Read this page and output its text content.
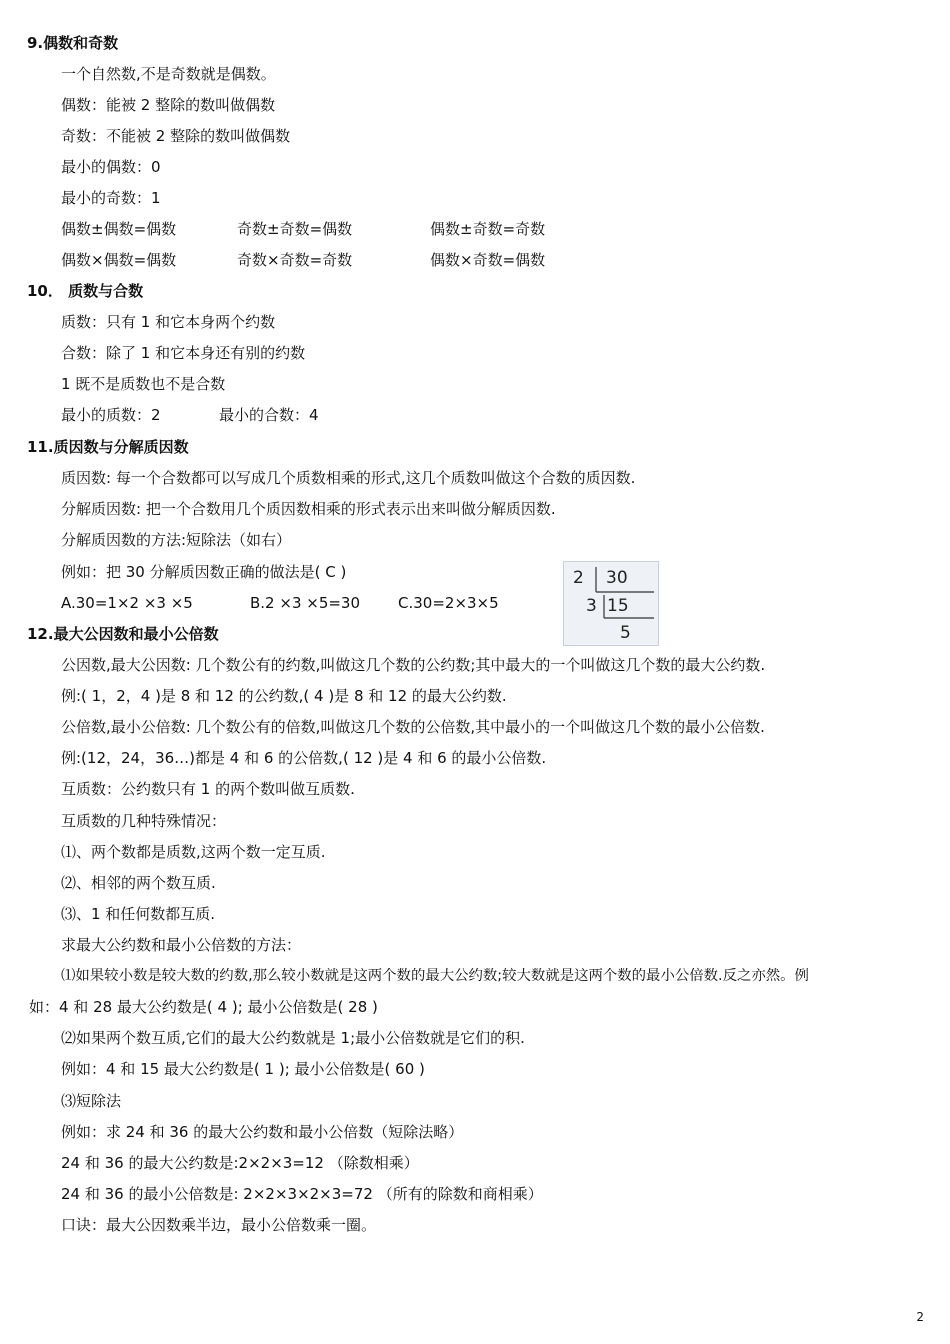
9.偶数和奇数
一个自然数,不是奇数就是偶数。
偶数：能被 2 整除的数叫做偶数
奇数：不能被 2 整除的数叫做偶数
最小的偶数：0
最小的奇数：1
偶数±偶数=偶数	奇数±奇数=偶数	偶数±奇数=奇数
偶数×偶数=偶数	奇数×奇数=奇数	偶数×奇数=偶数
10． 质数与合数
质数：只有 1 和它本身两个约数
合数：除了 1 和它本身还有别的约数
1 既不是质数也不是合数
最小的质数：2	最小的合数：4
11.质因数与分解质因数
质因数: 每一个合数都可以写成几个质数相乘的形式,这几个质数叫做这个合数的质因数.
分解质因数: 把一个合数用几个质因数相乘的形式表示出来叫做分解质因数.
分解质因数的方法:短除法（如右）
例如：把 30 分解质因数正确的做法是( C )
A.30=1×2 ×3 ×5	B.2 ×3 ×5=30	C.30=2×3×5
2 30
3 15
5
12.最大公因数和最小公倍数
公因数,最大公因数: 几个数公有的约数,叫做这几个数的公约数;其中最大的一个叫做这几个数的最大公约数.
例:( 1，2，4 )是 8 和 12 的公约数,( 4 )是 8 和 12 的最大公约数.
公倍数,最小公倍数: 几个数公有的倍数,叫做这几个数的公倍数,其中最小的一个叫做这几个数的最小公倍数.
例:(12，24，36…)都是 4 和 6 的公倍数,( 12 )是 4 和 6 的最小公倍数.
互质数：公约数只有 1 的两个数叫做互质数.
互质数的几种特殊情况：
⑴、两个数都是质数,这两个数一定互质.
⑵、相邻的两个数互质.
⑶、1 和任何数都互质.
求最大公约数和最小公倍数的方法：
⑴如果较小数是较大数的约数,那么较小数就是这两个数的最大公约数;较大数就是这两个数的最小公倍数.反之亦然。例
如：4 和 28 最大公约数是( 4 ); 最小公倍数是( 28 )
⑵如果两个数互质,它们的最大公约数就是 1;最小公倍数就是它们的积.
例如：4 和 15 最大公约数是( 1 ); 最小公倍数是( 60 )
⑶短除法
例如：求 24 和 36 的最大公约数和最小公倍数（短除法略）
24 和 36 的最大公约数是:2×2×3=12 （除数相乘）
24 和 36 的最小公倍数是: 2×2×3×2×3=72 （所有的除数和商相乘）
口诀：最大公因数乘半边，最小公倍数乘一圈。
2
